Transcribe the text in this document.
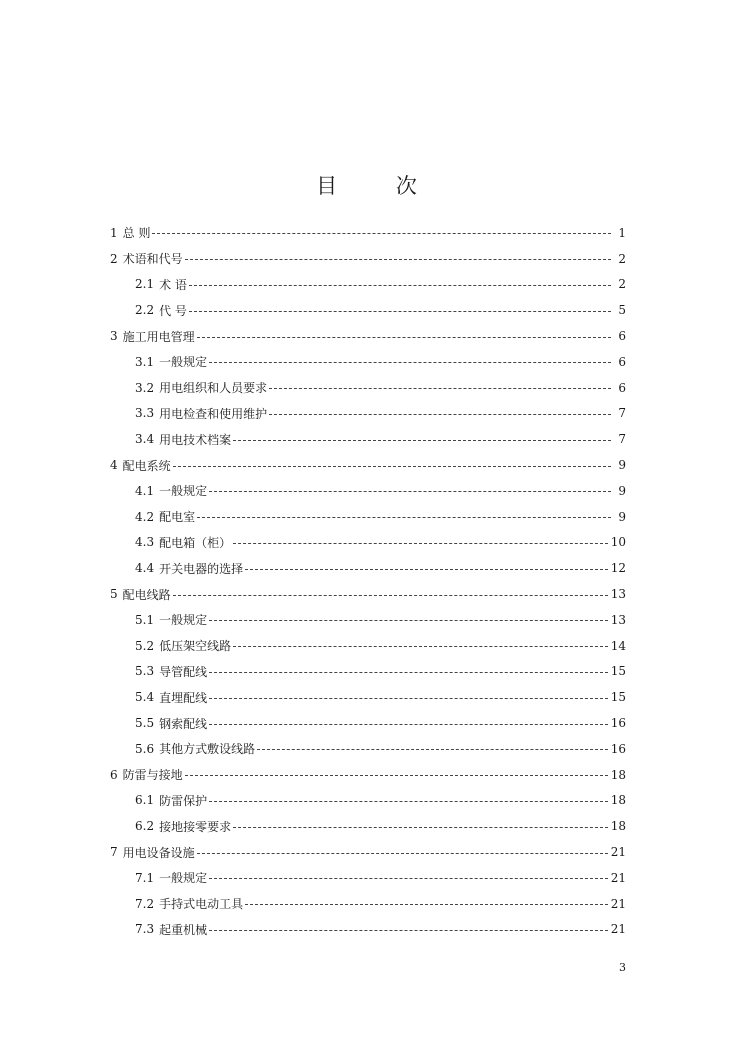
目 次
1 总 则	1
2 术语和代号	2
2.1 术 语	2
2.2 代 号	5
3 施工用电管理	6
3.1 一般规定	6
3.2 用电组织和人员要求	6
3.3 用电检查和使用维护	7
3.4 用电技术档案	7
4 配电系统	9
4.1 一般规定	9
4.2 配电室	9
4.3 配电箱（柜）	10
4.4 开关电器的选择	12
5 配电线路	13
5.1 一般规定	13
5.2 低压架空线路	14
5.3 导管配线	15
5.4 直埋配线	15
5.5 钢索配线	16
5.6 其他方式敷设线路	16
6 防雷与接地	18
6.1 防雷保护	18
6.2 接地接零要求	18
7 用电设备设施	21
7.1 一般规定	21
7.2 手持式电动工具	21
7.3 起重机械	21
3
